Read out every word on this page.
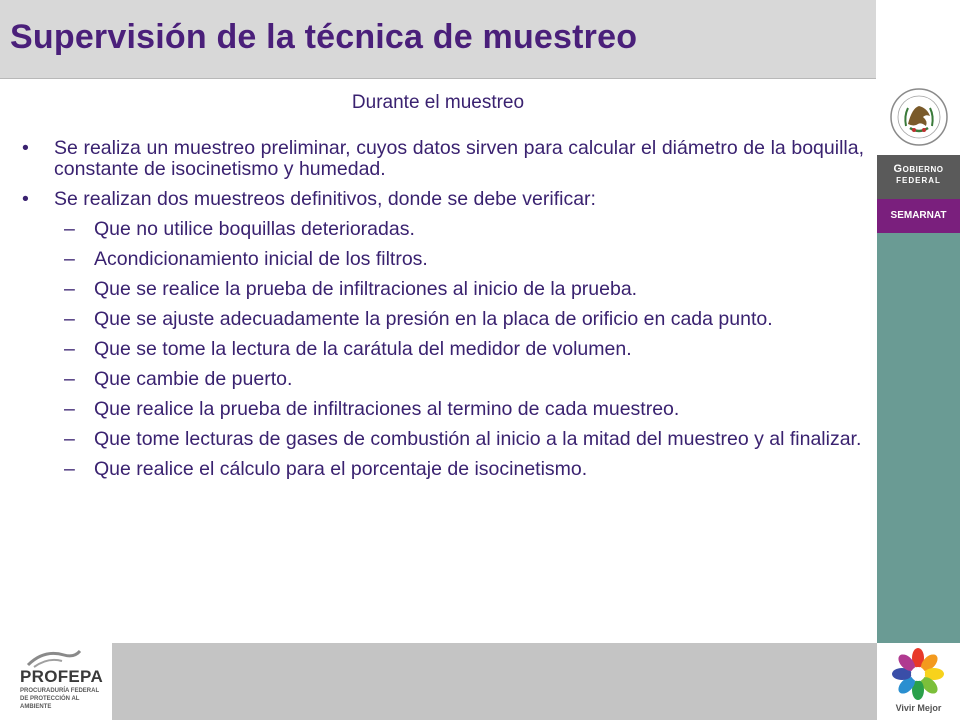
Supervisión de la técnica de muestreo
Gobierno
FEDERAL
SEMARNAT
Vivir Mejor
PROFEPA
PROCURADURÍA FEDERAL DE PROTECCIÓN AL AMBIENTE
Durante el muestreo
• Se realiza un muestreo preliminar, cuyos datos sirven para calcular el diámetro de la boquilla, constante de isocinetismo y humedad.
• Se realizan dos muestreos definitivos, donde se debe verificar:
– Que no utilice boquillas deterioradas.
– Acondicionamiento inicial de los filtros.
– Que se realice la prueba de infiltraciones al inicio de la prueba.
– Que se ajuste adecuadamente la presión en la placa de orificio en cada punto.
– Que se tome la lectura de la carátula del medidor de volumen.
– Que cambie de puerto.
– Que realice la prueba de infiltraciones al termino de cada muestreo.
– Que tome lecturas de gases de combustión al inicio a la mitad del muestreo y al finalizar.
– Que realice el cálculo para el porcentaje de isocinetismo.
